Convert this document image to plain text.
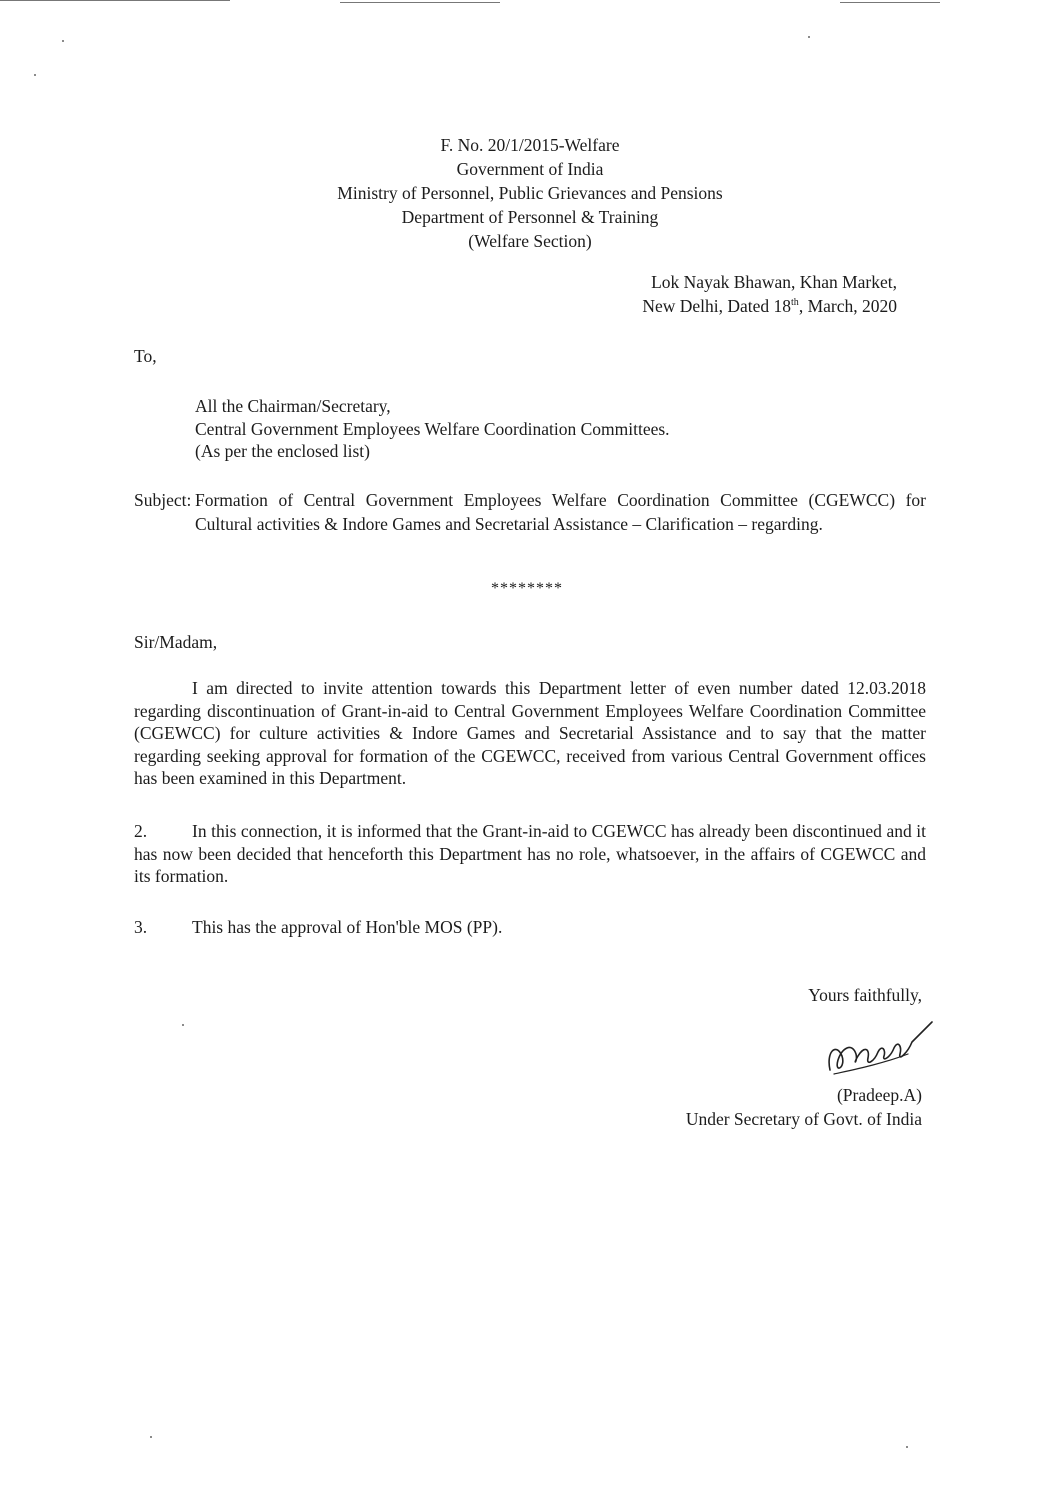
F. No. 20/1/2015-Welfare
Government of India
Ministry of Personnel, Public Grievances and Pensions
Department of Personnel & Training
(Welfare Section)
Lok Nayak Bhawan, Khan Market,
New Delhi, Dated 18th, March, 2020
To,
All the Chairman/Secretary,
Central Government Employees Welfare Coordination Committees.
(As per the enclosed list)
Subject: Formation of Central Government Employees Welfare Coordination Committee (CGEWCC) for Cultural activities & Indore Games and Secretarial Assistance – Clarification – regarding.
********
Sir/Madam,
I am directed to invite attention towards this Department letter of even number dated 12.03.2018 regarding discontinuation of Grant-in-aid to Central Government Employees Welfare Coordination Committee (CGEWCC) for culture activities & Indore Games and Secretarial Assistance and to say that the matter regarding seeking approval for formation of the CGEWCC, received from various Central Government offices has been examined in this Department.
2.	In this connection, it is informed that the Grant-in-aid to CGEWCC has already been discontinued and it has now been decided that henceforth this Department has no role, whatsoever, in the affairs of CGEWCC and its formation.
3.	This has the approval of Hon'ble MOS (PP).
Yours faithfully,
(Pradeep.A)
Under Secretary of Govt. of India
